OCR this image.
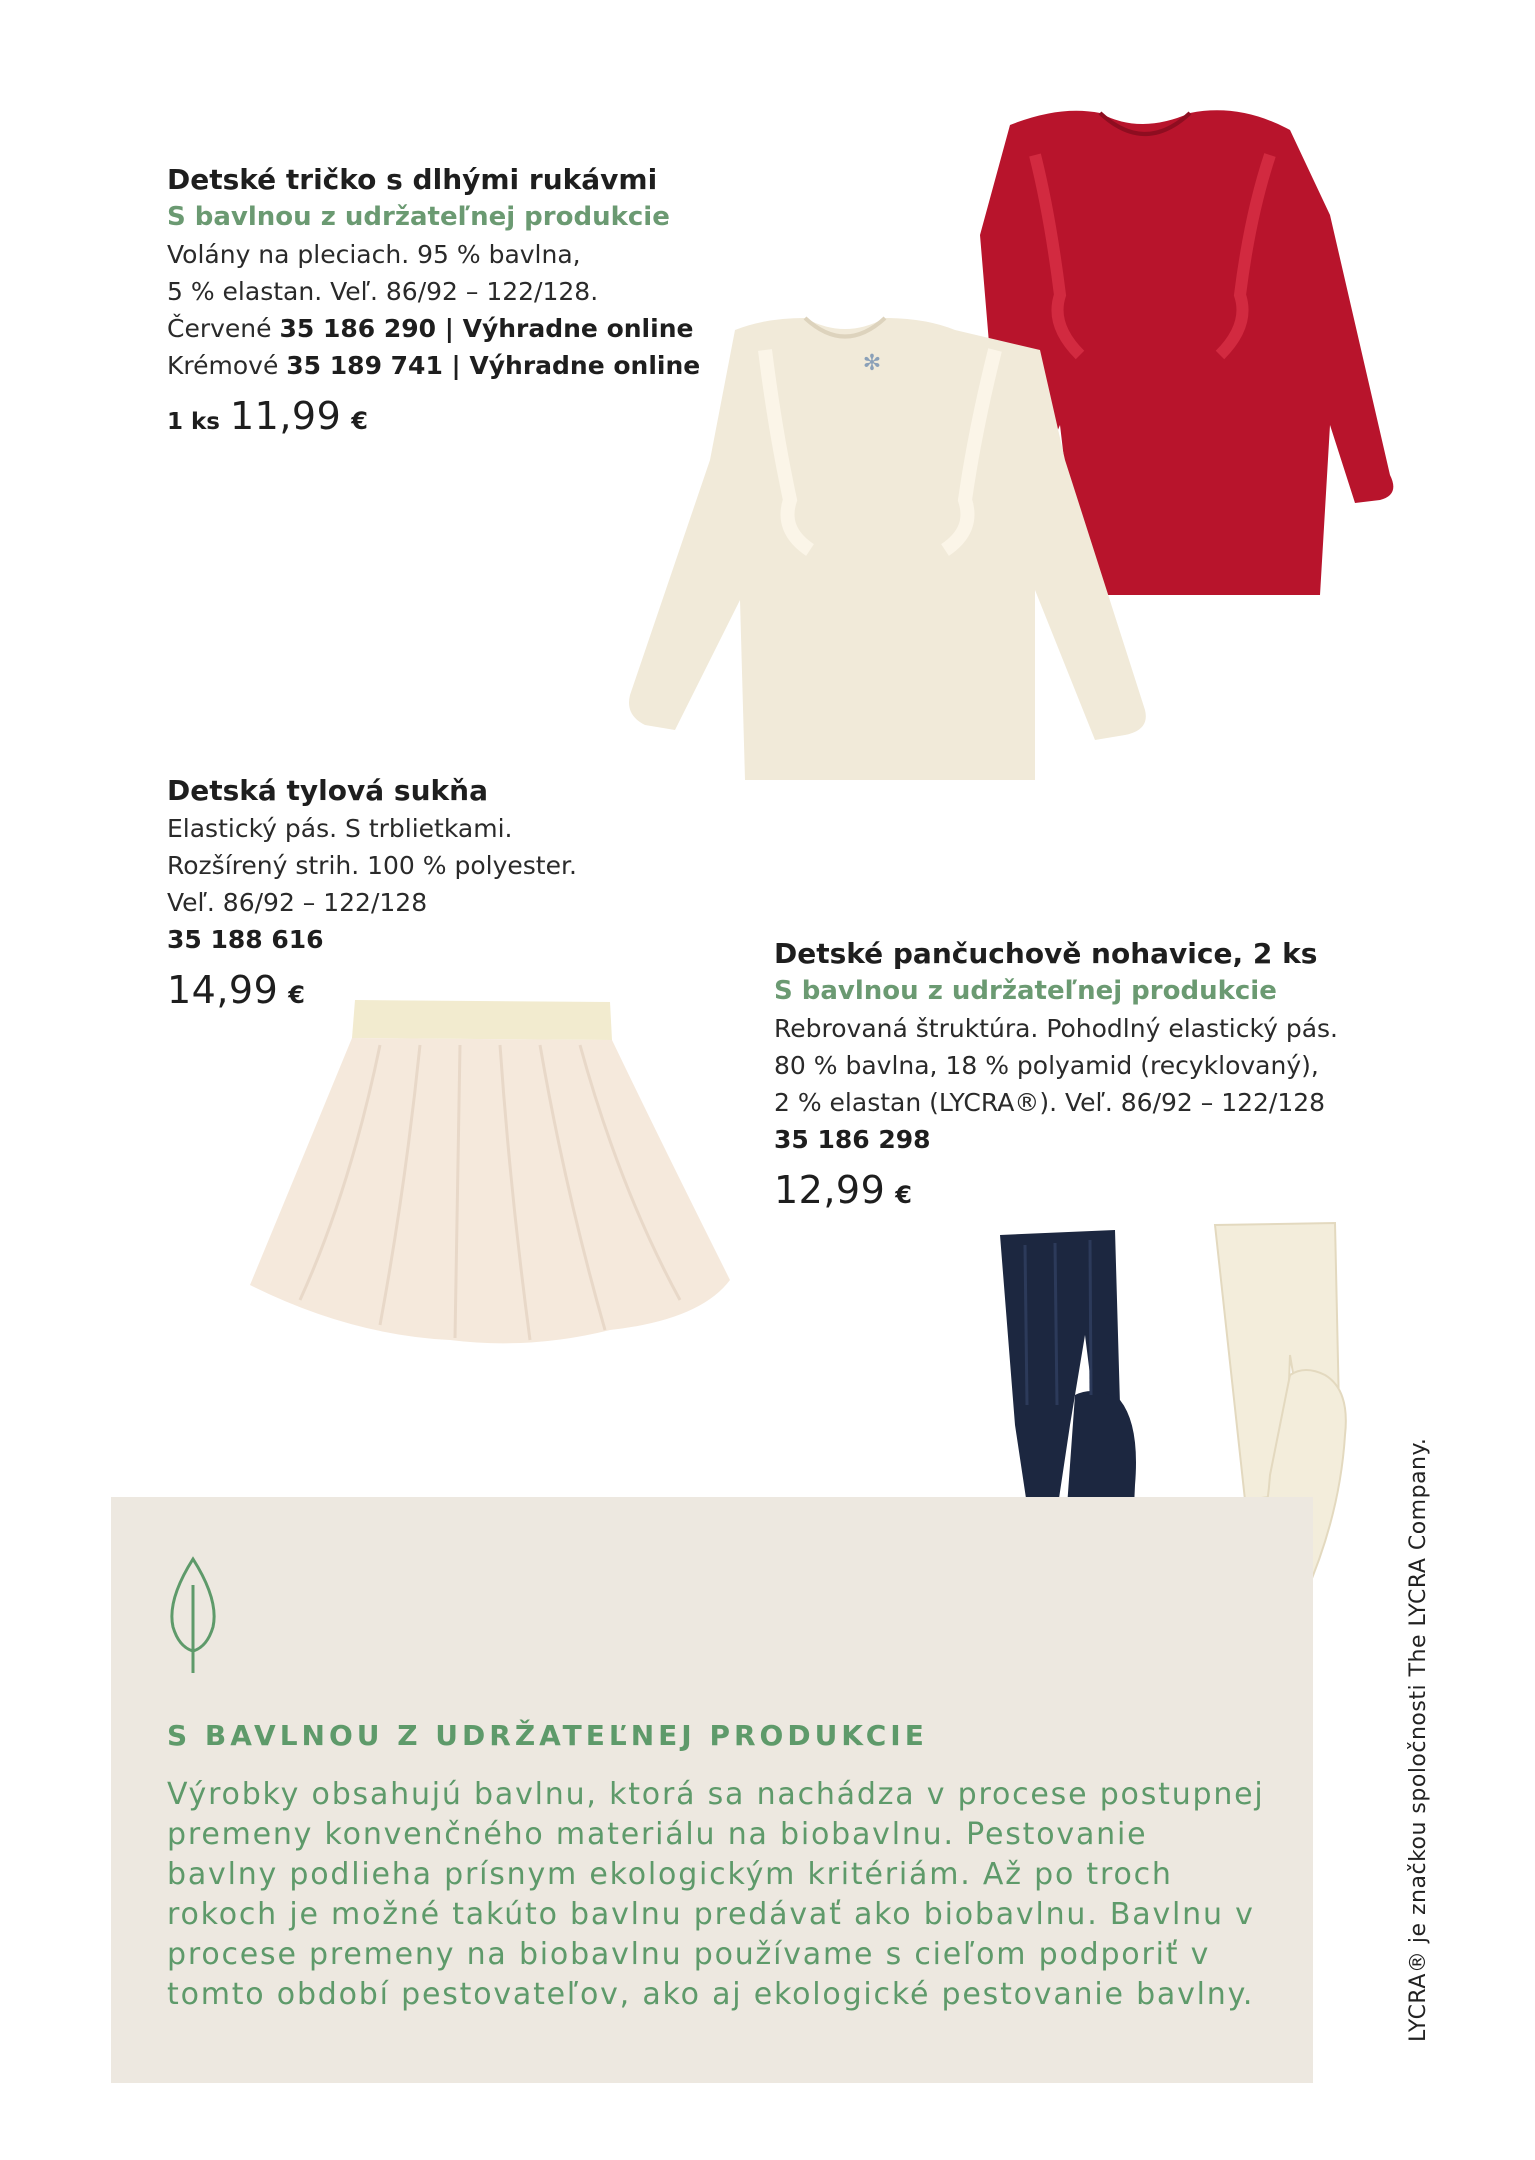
Detské tričko s dlhými rukávmi
S bavlnou z udržateľnej produkcie
Volány na pleciach. 95 % bavlna,
5 % elastan. Veľ. 86/92 – 122/128.
Červené 35 186 290 | Výhradne online
Krémové 35 189 741 | Výhradne online
1 ks 11,99 €
✻
Detská tylová sukňa
Elastický pás. S trblietkami.
Rozšírený strih. 100 % polyester.
Veľ. 86/92 – 122/128
35 188 616
14,99 €
Detské pančuchově nohavice, 2 ks
S bavlnou z udržateľnej produkcie
Rebrovaná štruktúra. Pohodlný elastický pás.
80 % bavlna, 18 % polyamid (recyklovaný),
2 % elastan (LYCRA®). Veľ. 86/92 – 122/128
35 186 298
12,99 €
S BAVLNOU Z UDRŽATEĽNEJ PRODUKCIE
Výrobky obsahujú bavlnu, ktorá sa nachádza v procese postupnej premeny konvenčného materiálu na biobavlnu. Pestovanie bavlny podlieha prísnym ekologickým kritériám. Až po troch rokoch je možné takúto bavlnu predávať ako biobavlnu. Bavlnu v procese premeny na biobavlnu používame s cieľom podporiť v tomto období pestovateľov, ako aj ekologické pestovanie bavlny.	LYCRA® je značkou spoločnosti The LYCRA Company.
